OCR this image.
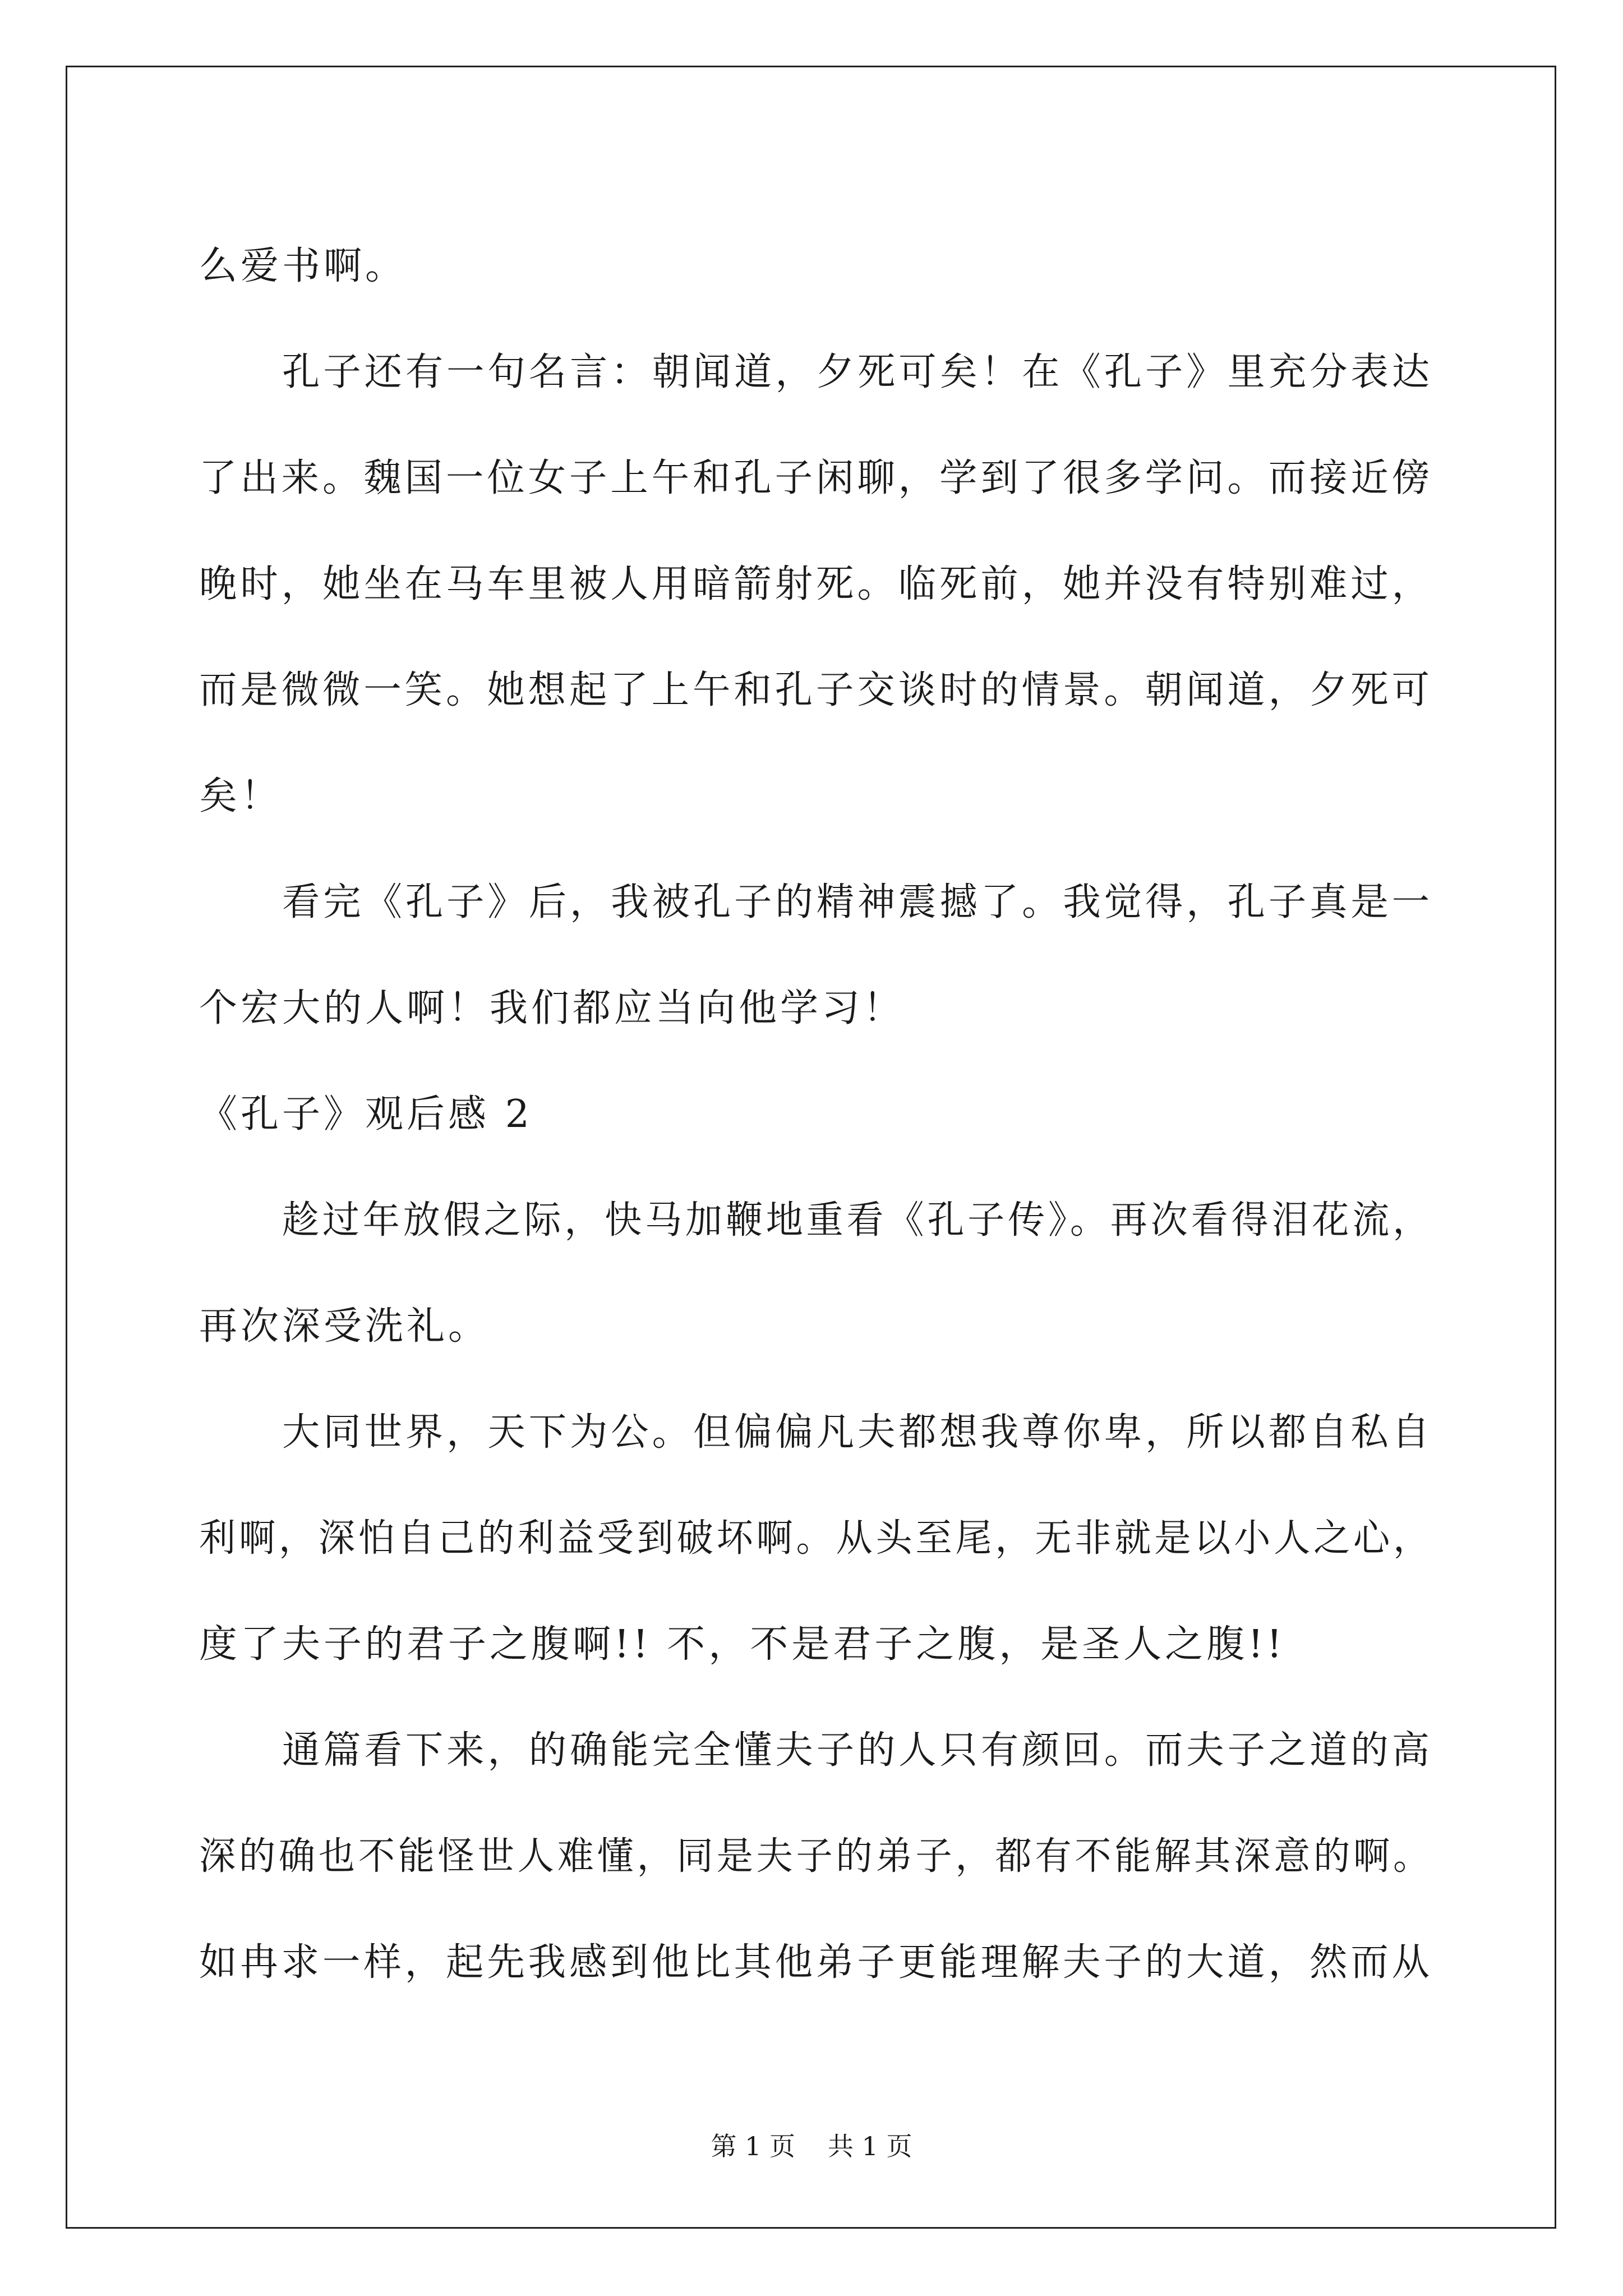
么爱书啊。
孔子还有一句名言：朝闻道，夕死可矣！在《孔子》里充分表达
了出来。魏国一位女子上午和孔子闲聊，学到了很多学问。而接近傍
晚时，她坐在马车里被人用暗箭射死。临死前，她并没有特别难过，
而是微微一笑。她想起了上午和孔子交谈时的情景。朝闻道，夕死可
矣！
看完《孔子》后，我被孔子的精神震撼了。我觉得，孔子真是一
个宏大的人啊！我们都应当向他学习！
《孔子》观后感 2
趁过年放假之际，快马加鞭地重看《孔子传》。再次看得泪花流，
再次深受洗礼。
大同世界，天下为公。但偏偏凡夫都想我尊你卑，所以都自私自
利啊，深怕自己的利益受到破坏啊。从头至尾，无非就是以小人之心，
度了夫子的君子之腹啊!! 不，不是君子之腹，是圣人之腹!!
通篇看下来，的确能完全懂夫子的人只有颜回。而夫子之道的高
深的确也不能怪世人难懂，同是夫子的弟子，都有不能解其深意的啊。
如冉求一样，起先我感到他比其他弟子更能理解夫子的大道，然而从
第 1 页 共 1 页
